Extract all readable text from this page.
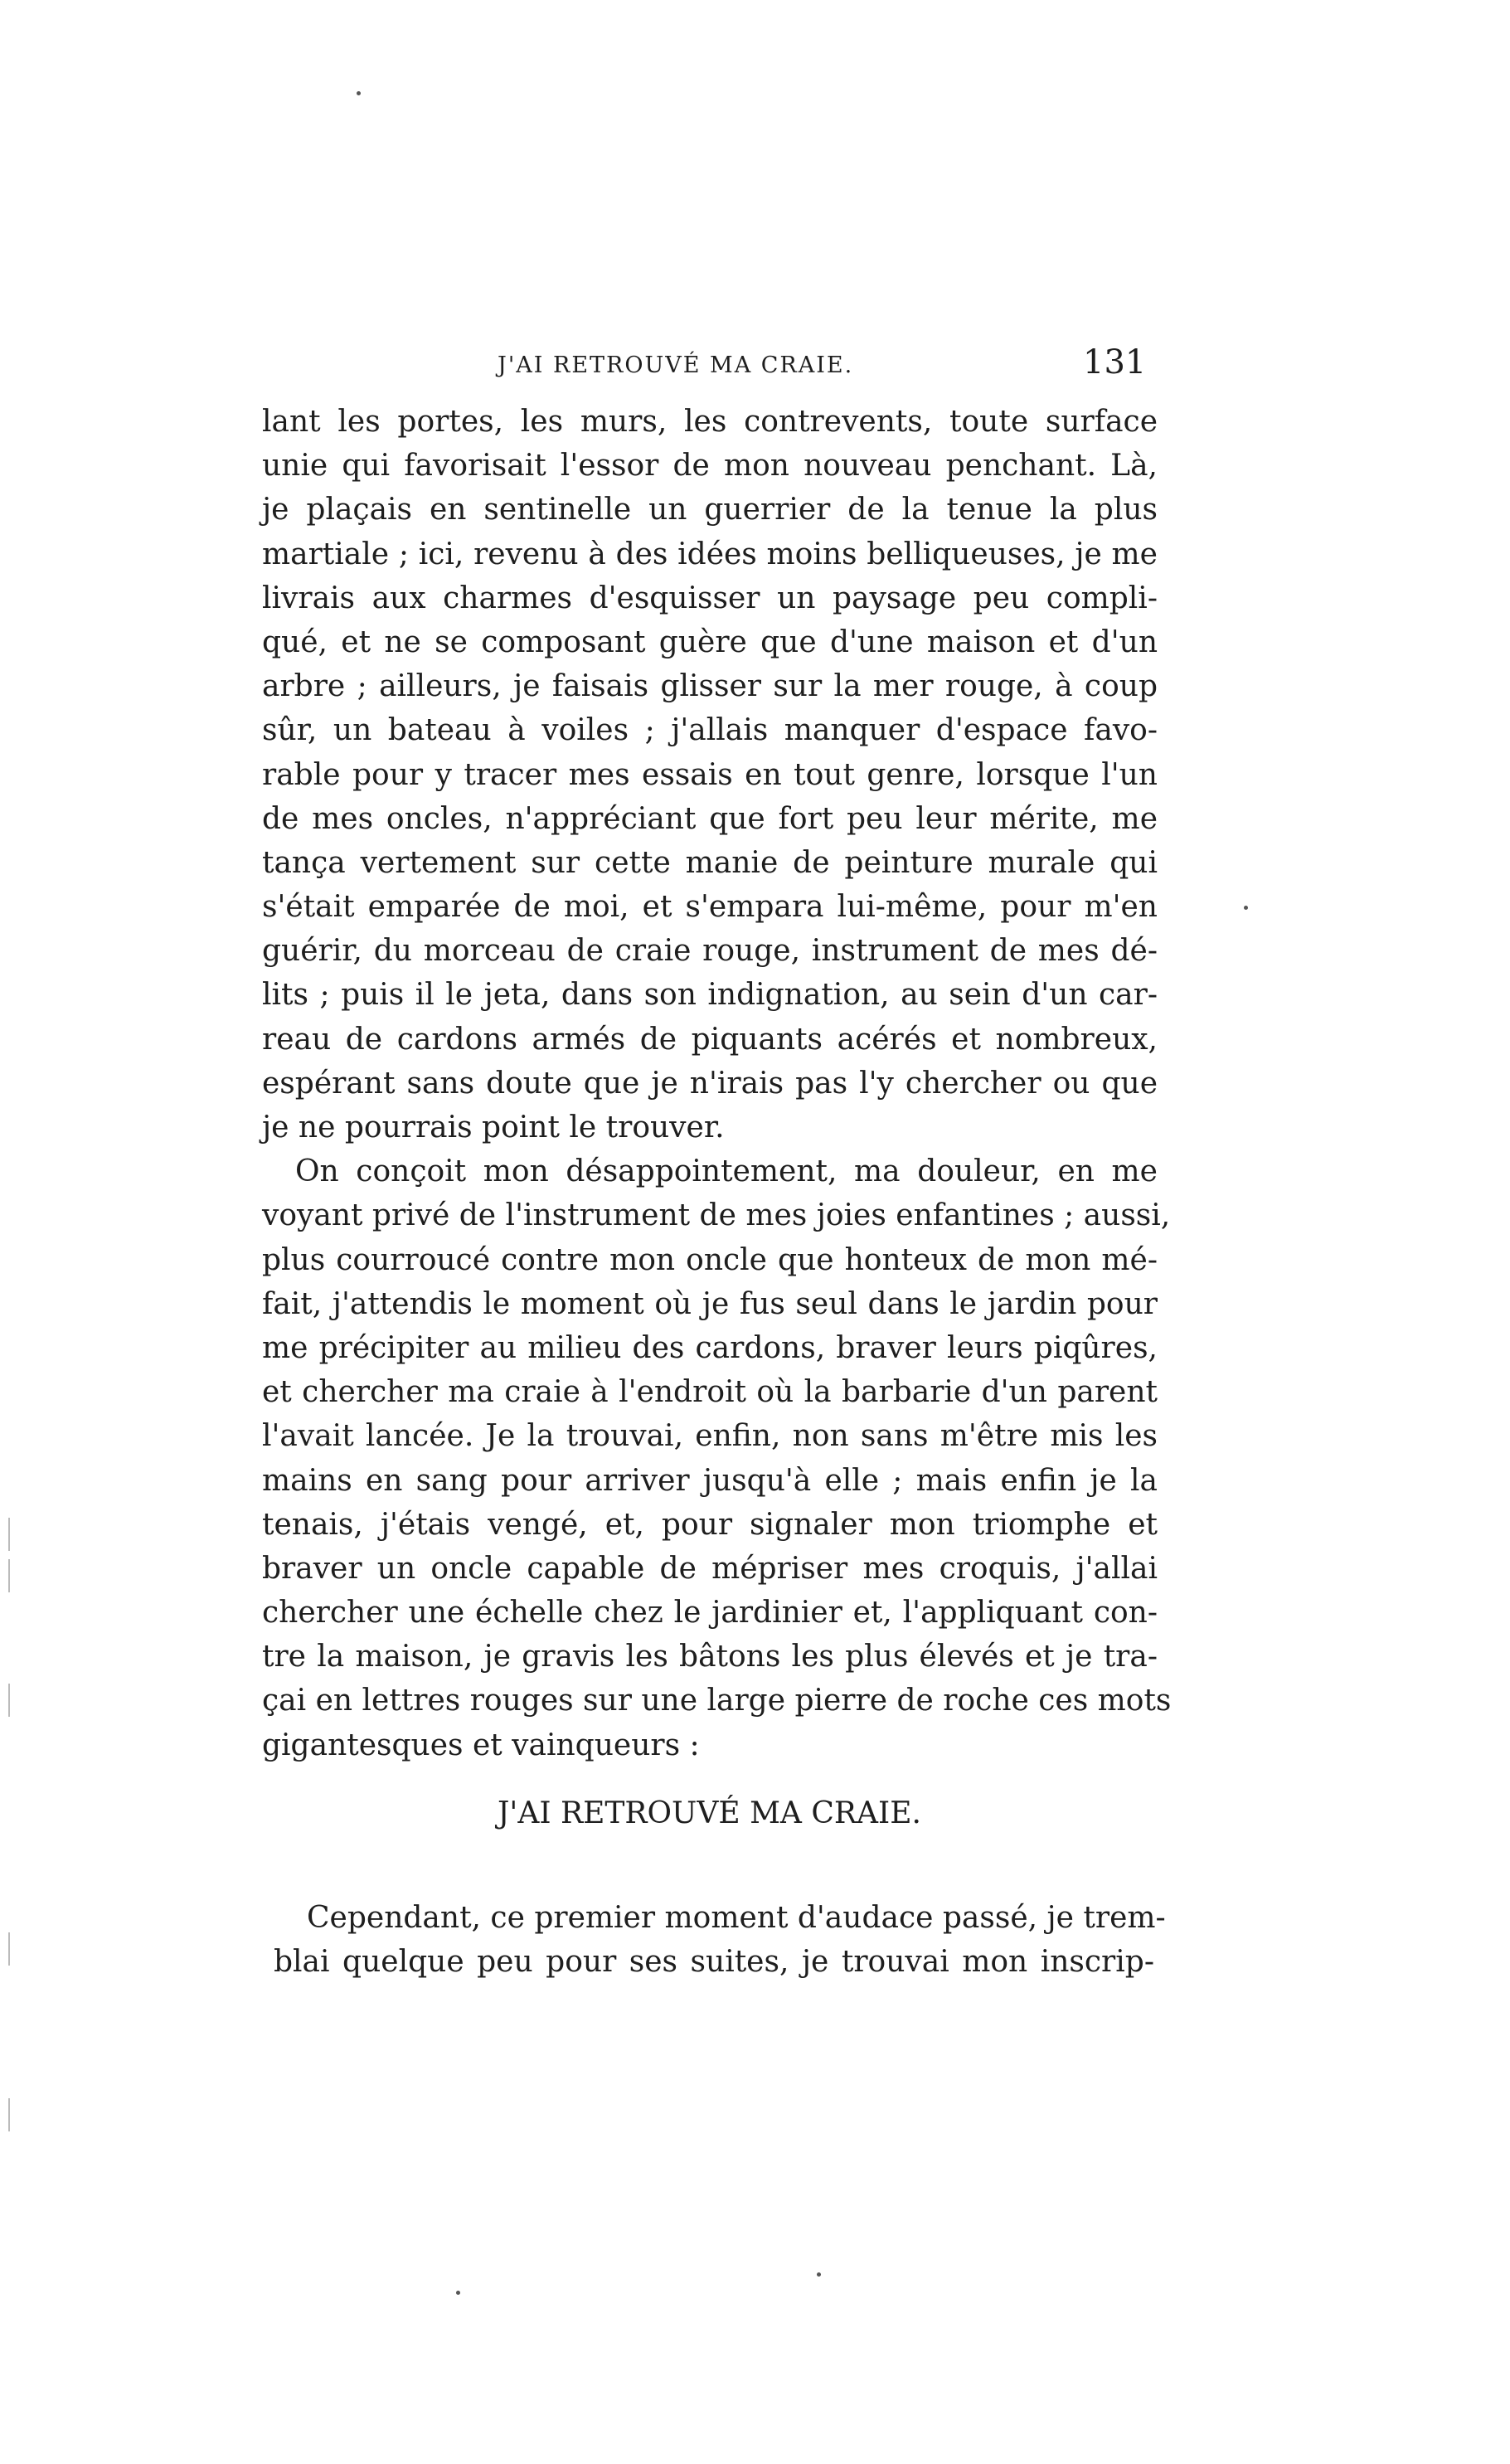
J'AI RETROUVÉ MA CRAIE.	131
lant les portes, les murs, les contrevents, toute surface
unie qui favorisait l'essor de mon nouveau penchant. Là,
je plaçais en sentinelle un guerrier de la tenue la plus
martiale ; ici, revenu à des idées moins belliqueuses, je me
livrais aux charmes d'esquisser un paysage peu compli-
qué, et ne se composant guère que d'une maison et d'un
arbre ; ailleurs, je faisais glisser sur la mer rouge, à coup
sûr, un bateau à voiles ; j'allais manquer d'espace favo-
rable pour y tracer mes essais en tout genre, lorsque l'un
de mes oncles, n'appréciant que fort peu leur mérite, me
tança vertement sur cette manie de peinture murale qui
s'était emparée de moi, et s'empara lui-même, pour m'en
guérir, du morceau de craie rouge, instrument de mes dé-
lits ; puis il le jeta, dans son indignation, au sein d'un car-
reau de cardons armés de piquants acérés et nombreux,
espérant sans doute que je n'irais pas l'y chercher ou que
je ne pourrais point le trouver.
On conçoit mon désappointement, ma douleur, en me
voyant privé de l'instrument de mes joies enfantines ; aussi,
plus courroucé contre mon oncle que honteux de mon mé-
fait, j'attendis le moment où je fus seul dans le jardin pour
me précipiter au milieu des cardons, braver leurs piqûres,
et chercher ma craie à l'endroit où la barbarie d'un parent
l'avait lancée. Je la trouvai, enfin, non sans m'être mis les
mains en sang pour arriver jusqu'à elle ; mais enfin je la
tenais, j'étais vengé, et, pour signaler mon triomphe et
braver un oncle capable de mépriser mes croquis, j'allai
chercher une échelle chez le jardinier et, l'appliquant con-
tre la maison, je gravis les bâtons les plus élevés et je tra-
çai en lettres rouges sur une large pierre de roche ces mots
gigantesques et vainqueurs :
J'AI RETROUVÉ MA CRAIE.
Cependant, ce premier moment d'audace passé, je trem-
blai quelque peu pour ses suites, je trouvai mon inscrip-
